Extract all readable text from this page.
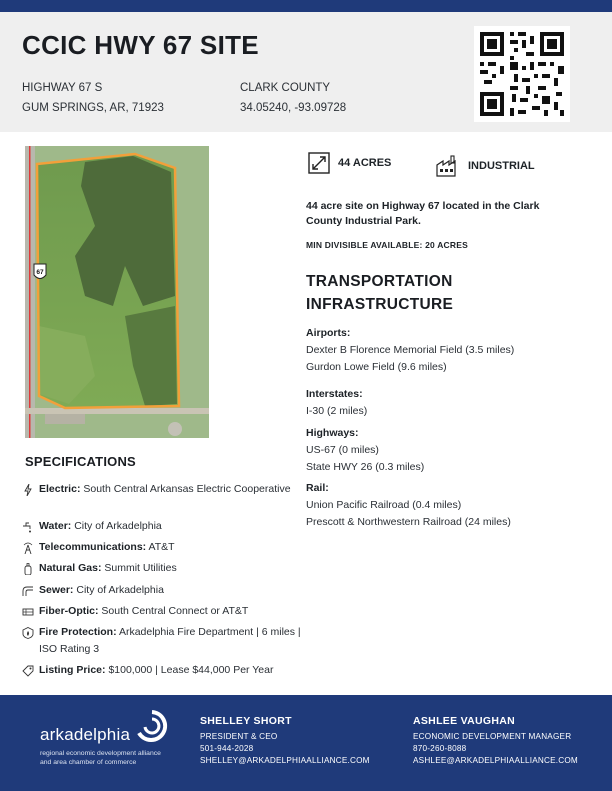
CCIC HWY 67 SITE
HIGHWAY 67 S
GUM SPRINGS, AR, 71923
CLARK COUNTY
34.05240, -93.09728
67
44 ACRES	INDUSTRIAL
44 acre site on Highway 67 located in the Clark County Industrial Park.
MIN DIVISIBLE AVAILABLE: 20 ACRES
TRANSPORTATION INFRASTRUCTURE
Airports:
Dexter B Florence Memorial Field (3.5 miles)
Gurdon Lowe Field (9.6 miles)
Interstates:
I-30 (2 miles)
Highways:
US-67 (0 miles)
State HWY 26 (0.3 miles)
Rail:
Union Pacific Railroad (0.4 miles)
Prescott & Northwestern Railroad (24 miles)
SPECIFICATIONS
Electric: South Central Arkansas Electric Cooperative
Water: City of Arkadelphia
Telecommunications: AT&T
Natural Gas: Summit Utilities
Sewer: City of Arkadelphia
Fiber-Optic: South Central Connect or AT&T
Fire Protection: Arkadelphia Fire Department | 6 miles | ISO Rating 3
Listing Price: $100,000 | Lease $44,000 Per Year
arkadelphia
regional economic development alliance
and area chamber of commerce
SHELLEY SHORT
PRESIDENT & CEO
501-944-2028
SHELLEY@ARKADELPHIAALLIANCE.COM
ASHLEE VAUGHAN
ECONOMIC DEVELOPMENT MANAGER
870-260-8088
ASHLEE@ARKADELPHIAALLIANCE.COM
